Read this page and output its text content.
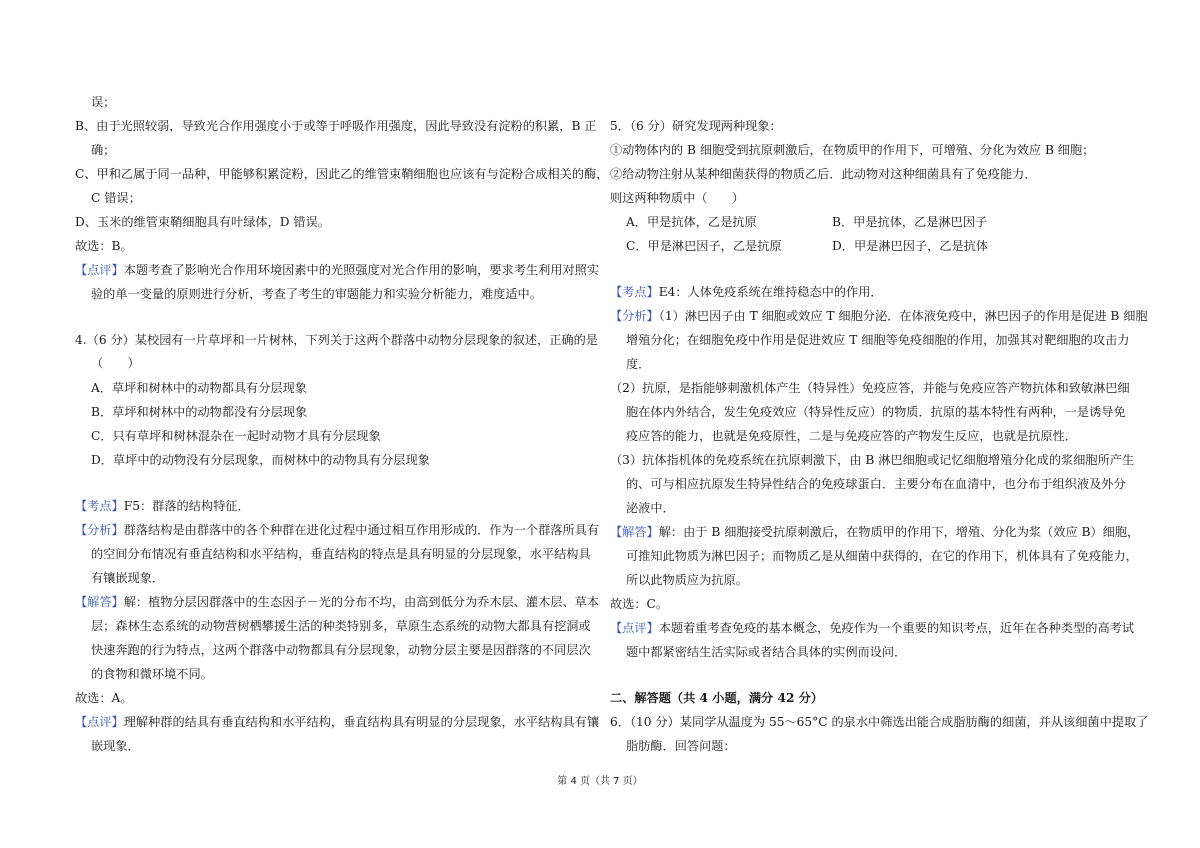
误；
B、由于光照较弱，导致光合作用强度小于或等于呼吸作用强度，因此导致没有淀粉的积累，B 正
确；
C、甲和乙属于同一品种，甲能够积累淀粉，因此乙的维管束鞘细胞也应该有与淀粉合成相关的酶，
C 错误；
D、玉米的维管束鞘细胞具有叶绿体，D 错误。
故选：B。
【点评】本题考查了影响光合作用环境因素中的光照强度对光合作用的影响，要求考生利用对照实
验的单一变量的原则进行分析，考查了考生的审题能力和实验分析能力，难度适中。
4.（6 分）某校园有一片草坪和一片树林，下列关于这两个群落中动物分层现象的叙述，正确的是
（　　）
A．草坪和树林中的动物都具有分层现象
B．草坪和树林中的动物都没有分层现象
C．只有草坪和树林混杂在一起时动物才具有分层现象
D．草坪中的动物没有分层现象，而树林中的动物具有分层现象
【考点】F5：群落的结构特征．
【分析】群落结构是由群落中的各个种群在进化过程中通过相互作用形成的．作为一个群落所具有
的空间分布情况有垂直结构和水平结构，垂直结构的特点是具有明显的分层现象，水平结构具
有镶嵌现象．
【解答】解：植物分层因群落中的生态因子－光的分布不均，由高到低分为乔木层、灌木层、草本
层；森林生态系统的动物营树栖攀援生活的种类特别多，草原生态系统的动物大都具有挖洞或
快速奔跑的行为特点，这两个群落中动物都具有分层现象，动物分层主要是因群落的不同层次
的食物和微环境不同。
故选：A。
【点评】理解种群的结具有垂直结构和水平结构，垂直结构具有明显的分层现象，水平结构具有镶
嵌现象．
5．（6 分）研究发现两种现象：
①动物体内的 B 细胞受到抗原刺激后，在物质甲的作用下，可增殖、分化为效应 B 细胞；
②给动物注射从某种细菌获得的物质乙后．此动物对这种细菌具有了免疫能力．
则这两种物质中（　　）
A．甲是抗体，乙是抗原	B．甲是抗体，乙是淋巴因子
C．甲是淋巴因子，乙是抗原	D．甲是淋巴因子，乙是抗体
【考点】E4：人体免疫系统在维持稳态中的作用．
【分析】（1）淋巴因子由 T 细胞或效应 T 细胞分泌．在体液免疫中，淋巴因子的作用是促进 B 细胞
增殖分化；在细胞免疫中作用是促进效应 T 细胞等免疫细胞的作用，加强其对靶细胞的攻击力
度．
（2）抗原，是指能够刺激机体产生（特异性）免疫应答，并能与免疫应答产物抗体和致敏淋巴细
胞在体内外结合，发生免疫效应（特异性反应）的物质．抗原的基本特性有两种，一是诱导免
疫应答的能力，也就是免疫原性，二是与免疫应答的产物发生反应，也就是抗原性．
（3）抗体指机体的免疫系统在抗原刺激下，由 B 淋巴细胞或记忆细胞增殖分化成的浆细胞所产生
的、可与相应抗原发生特异性结合的免疫球蛋白．主要分布在血清中，也分布于组织液及外分
泌液中．
【解答】解：由于 B 细胞接受抗原刺激后，在物质甲的作用下，增殖、分化为浆（效应 B）细胞，
可推知此物质为淋巴因子；而物质乙是从细菌中获得的，在它的作用下，机体具有了免疫能力，
所以此物质应为抗原。
故选：C。
【点评】本题着重考查免疫的基本概念，免疫作为一个重要的知识考点，近年在各种类型的高考试
题中都紧密结生活实际或者结合具体的实例而设问．
二、解答题（共 4 小题，满分 42 分）
6．（10 分）某同学从温度为 55～65°C 的泉水中筛选出能合成脂肪酶的细菌，并从该细菌中提取了
脂肪酶．回答问题：
第 4 页（共 7 页）
